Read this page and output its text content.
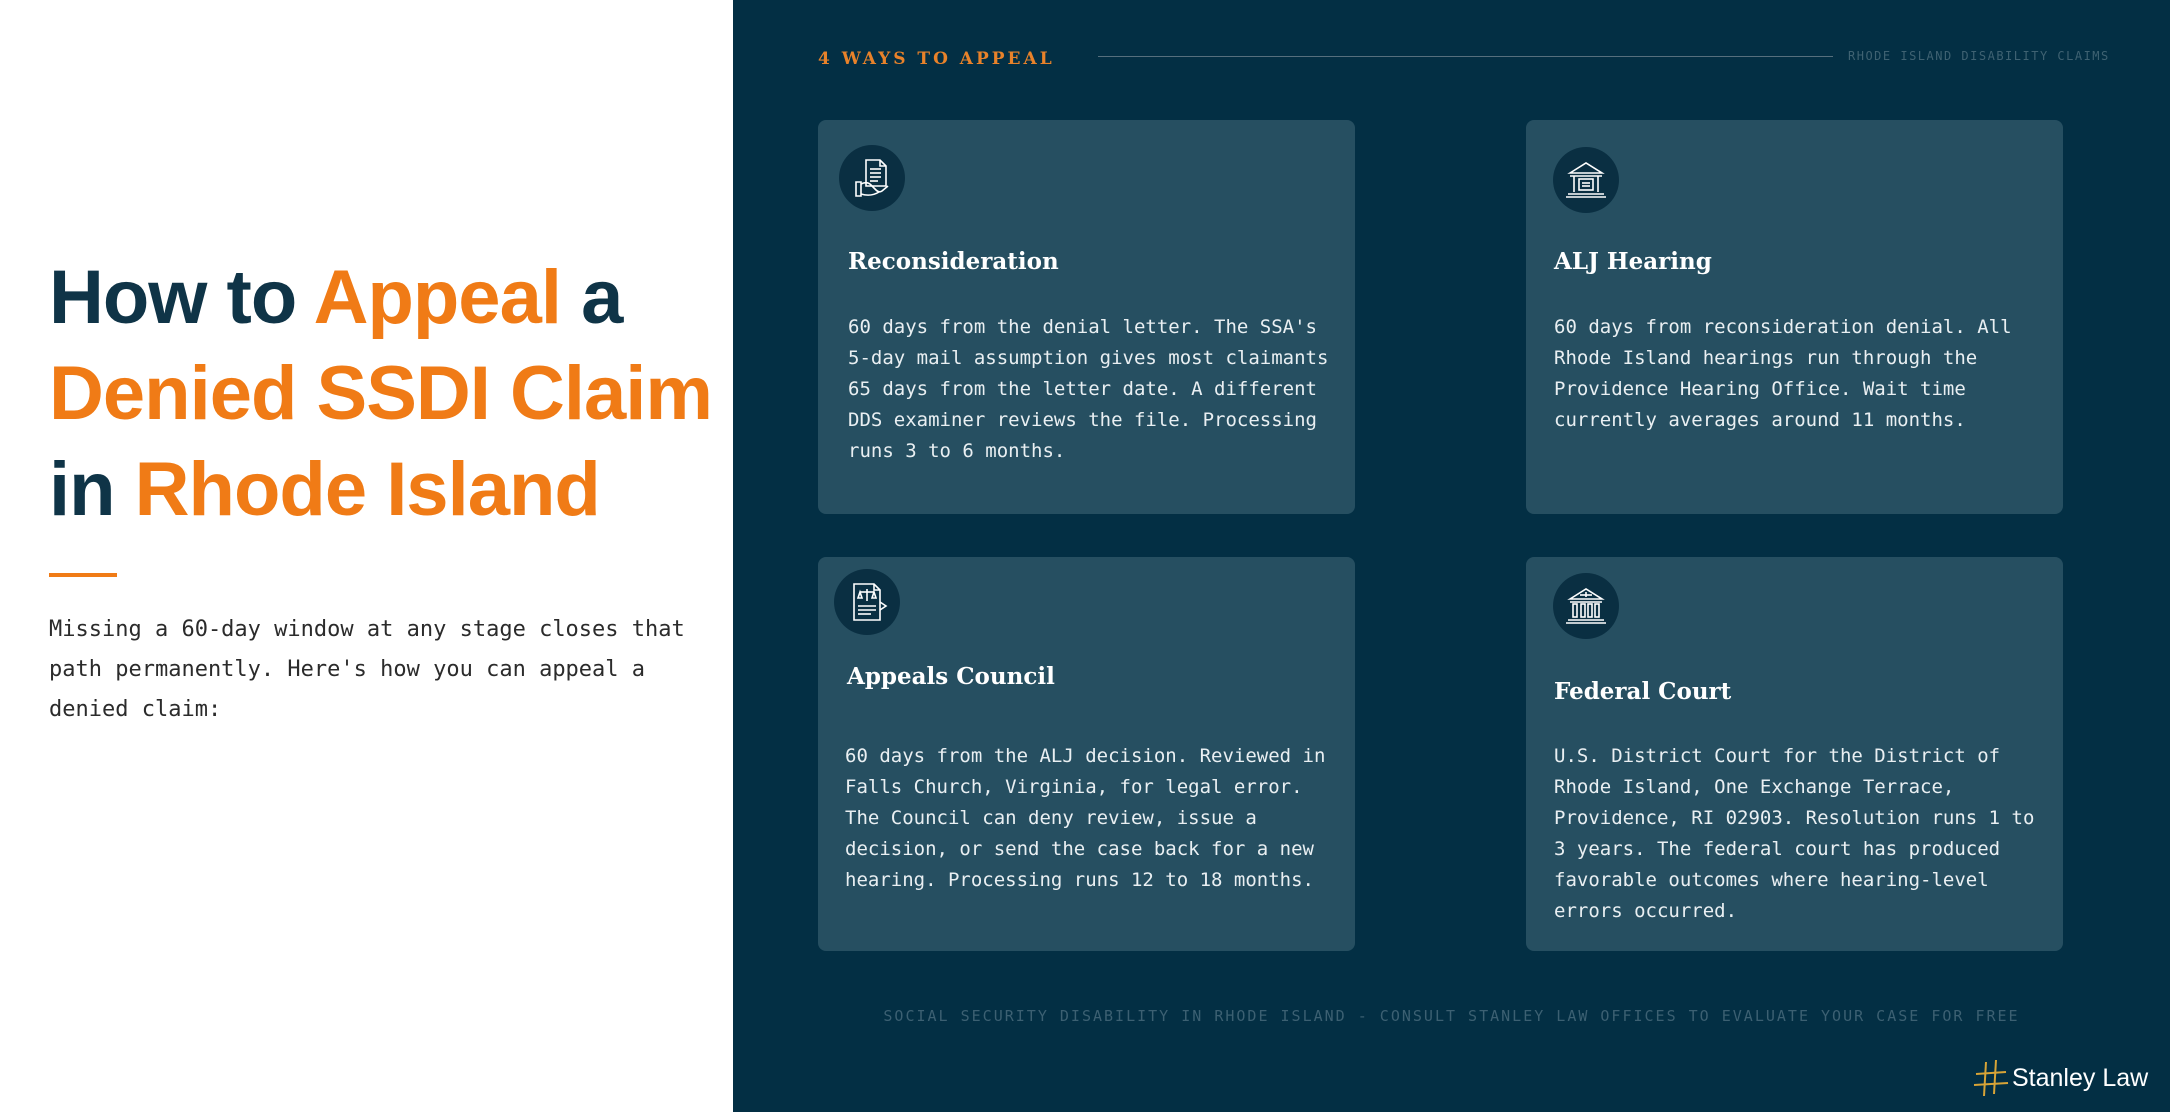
How to Appeal a
Denied SSDI Claim
in Rhode Island

Missing a 60-day window at any stage closes that path permanently. Here's how you can appeal a denied claim:

4 WAYS TO APPEAL	RHODE ISLAND DISABILITY CLAIMS
Reconsideration

60 days from the denial letter. The SSA's 5-day mail assumption gives most claimants 65 days from the letter date. A different DDS examiner reviews the file. Processing runs 3 to 6 months.

ALJ Hearing

60 days from reconsideration denial. All Rhode Island hearings run through the Providence Hearing Office. Wait time currently averages around 11 months.

Appeals Council

60 days from the ALJ decision. Reviewed in Falls Church, Virginia, for legal error. The Council can deny review, issue a decision, or send the case back for a new hearing. Processing runs 12 to 18 months.

Federal Court

U.S. District Court for the District of Rhode Island, One Exchange Terrace, Providence, RI 02903. Resolution runs 1 to 3 years. The federal court has produced favorable outcomes where hearing-level errors occurred.

SOCIAL SECURITY DISABILITY IN RHODE ISLAND - CONSULT STANLEY LAW OFFICES TO EVALUATE YOUR CASE FOR FREE
Stanley Law
